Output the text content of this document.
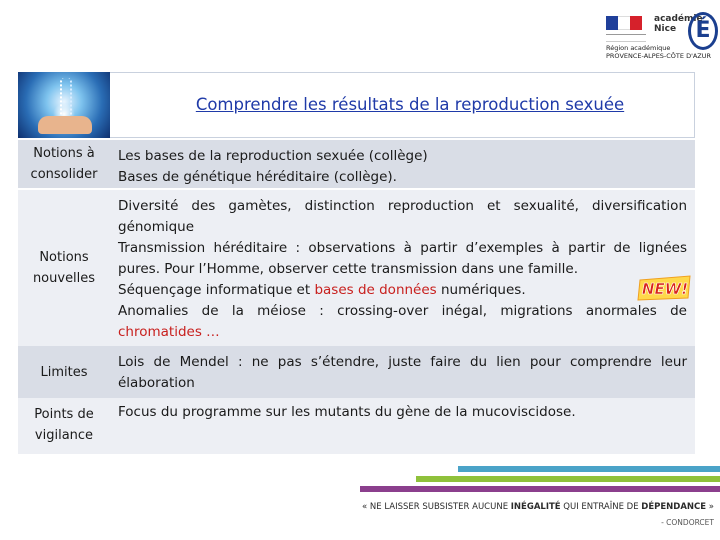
académie
Nice É
Région académique
PROVENCE-ALPES-CÔTE D'AZUR
Comprendre les résultats de la reproduction sexuée
Notions à consolider

Les bases de la reproduction sexuée (collège)

Bases de génétique héréditaire (collège).

Notions nouvelles

Diversité des gamètes, distinction reproduction et sexualité, diversification génomique

Transmission héréditaire : observations à partir d’exemples à partir de lignées pures. Pour l’Homme, observer cette transmission dans une famille.

Séquençage informatique et bases de données numériques.

Anomalies de la méiose : crossing-over inégal, migrations anormales de chromatides …

NEW!
Limites

Lois de Mendel : ne pas s’étendre, juste faire du lien pour comprendre leur élaboration

Points de vigilance

Focus du programme sur les mutants du gène de la mucoviscidose.

« NE LAISSER SUBSISTER AUCUNE INÉGALITÉ QUI ENTRAÎNE DE DÉPENDANCE »
- CONDORCET
